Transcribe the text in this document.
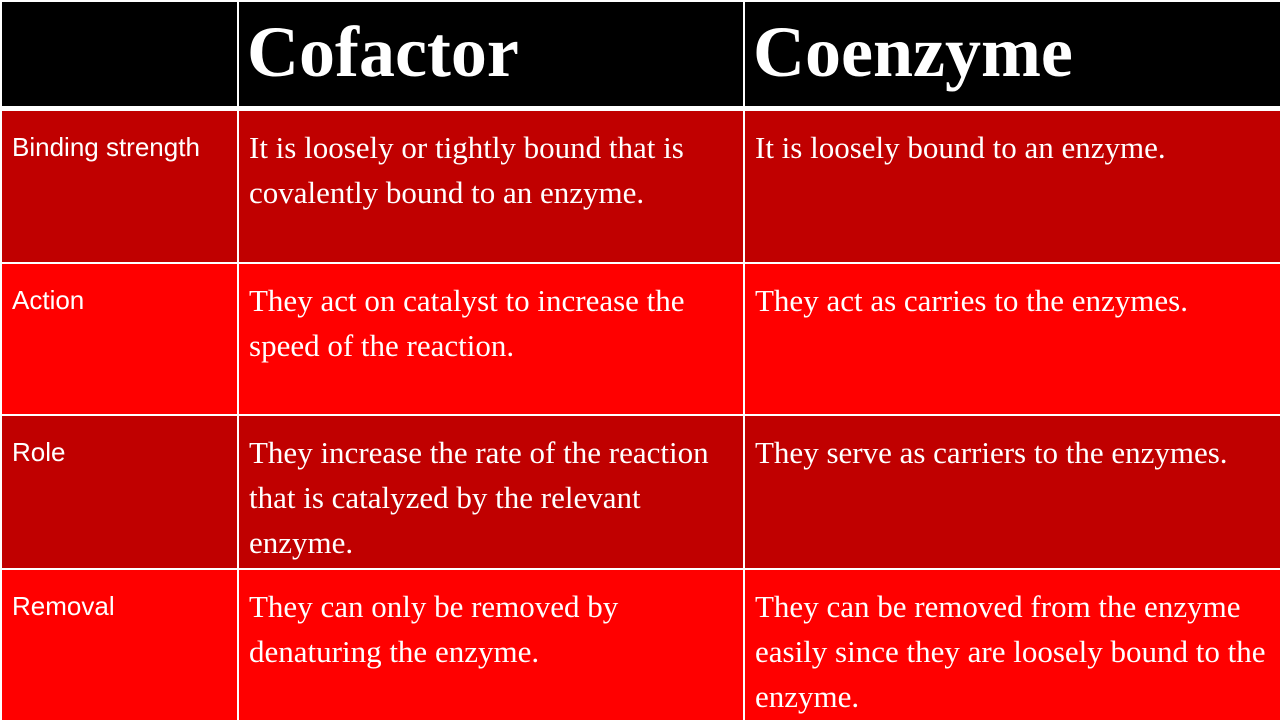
	Cofactor	Coenzyme
Binding strength	It is loosely or tightly bound that is covalently bound to an enzyme.	It is loosely bound to an enzyme.
Action	They act on catalyst to increase the speed of the reaction.	They act as carries to the enzymes.
Role	They increase the rate of the reaction that is catalyzed by the relevant enzyme.	They serve as carriers to the enzymes.
Removal	They can only be removed by denaturing the enzyme.	They can be removed from the enzyme easily since they are loosely bound to the enzyme.
